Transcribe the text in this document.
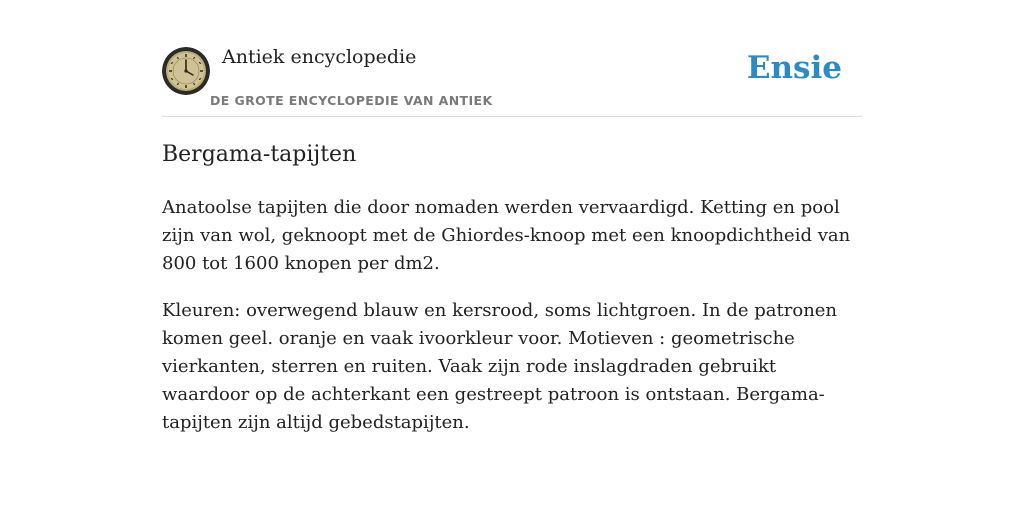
Antiek encyclopedie
DE GROTE ENCYCLOPEDIE VAN ANTIEK
Ensie
Bergama-tapijten

Anatoolse tapijten die door nomaden werden vervaardigd. Ketting en pool zijn van wol, geknoopt met de Ghiordes-knoop met een knoopdichtheid van 800 tot 1600 knopen per dm2.

Kleuren: overwegend blauw en kersrood, soms lichtgroen. In de patronen komen geel. oranje en vaak ivoorkleur voor. Motieven : geometrische vierkanten, sterren en ruiten. Vaak zijn rode inslagdraden gebruikt waardoor op de achterkant een gestreept patroon is ontstaan. Bergama-tapijten zijn altijd gebedstapijten.
